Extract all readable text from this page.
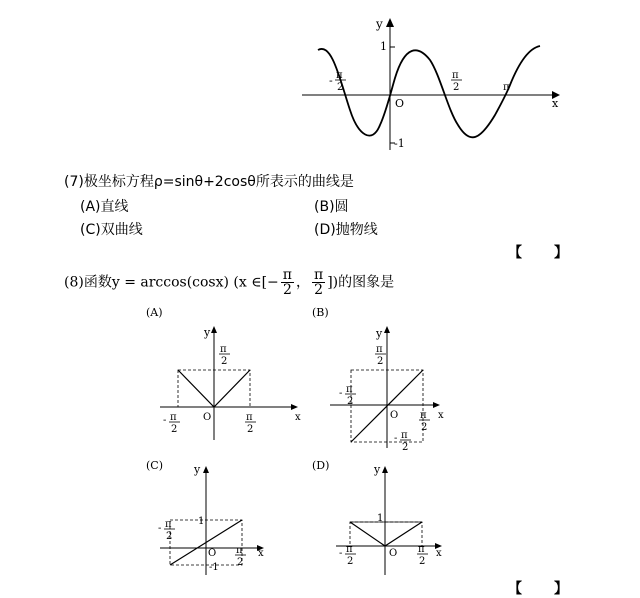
y
x
O
1
-1
- π
2
π
2	π
(7)极坐标方程ρ=sinθ+2cosθ所表示的曲线是
(A)直线	(B)圆
(C)双曲线	(D)抛物线
【 】
(8)函数y = arccos(cosx) (x ∈[− $\frac{\pi}{2}$ ， $\frac{\pi}{2}$ ])的图象是
(A)	(B)
(C)	(D)
y
x
O
π
2
- π
2
π
2
y
x
O
π
2
- π
2
π
2
- π
2
y
x
O
1
-1
- π
2
π
2
y
x
O
1
- π
2
π
2
【 】
